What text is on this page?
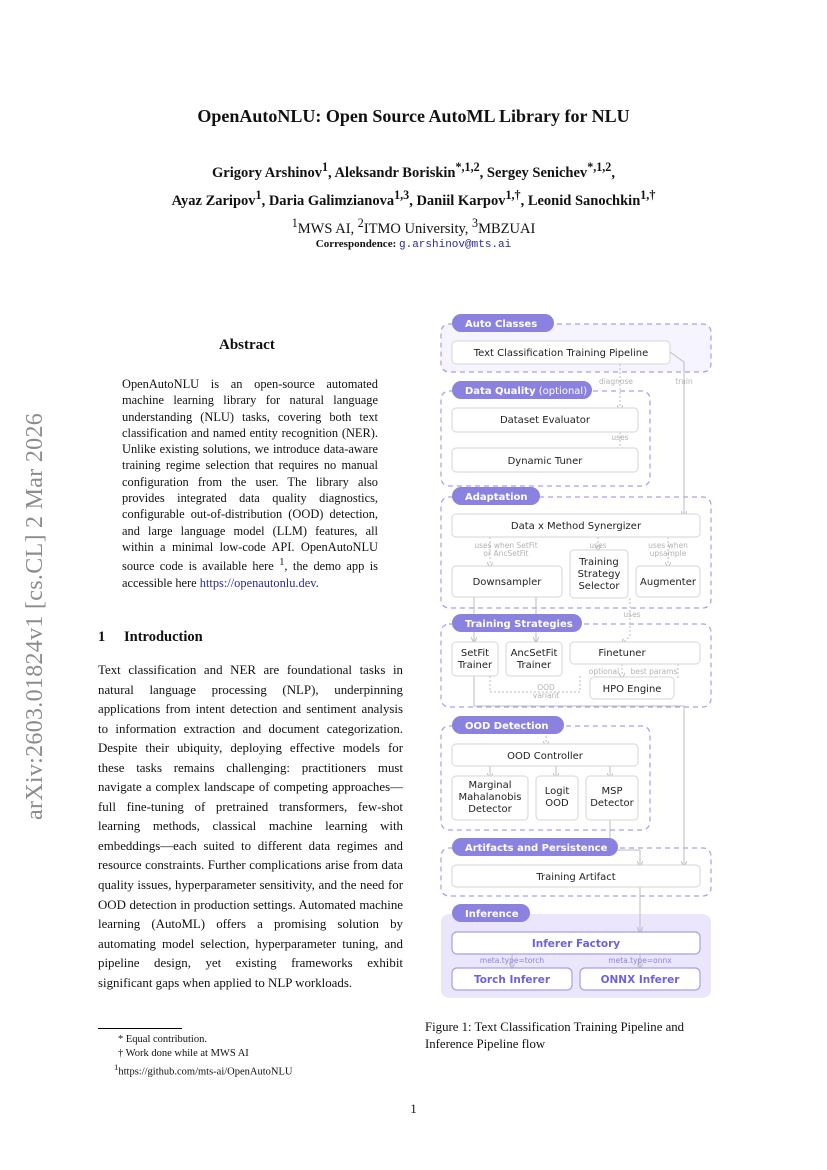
arXiv:2603.01824v1 [cs.CL] 2 Mar 2026
OpenAutoNLU: Open Source AutoML Library for NLU
Grigory Arshinov$^1$, Aleksandr Boriskin$^{*,1,2}$, Sergey Senichev$^{*,1,2}$,
Ayaz Zaripov$^1$, Daria Galimzianova$^{1,3}$, Daniil Karpov$^{1,\dagger}$, Leonid Sanochkin$^{1,\dagger}$
$^1$MWS AI, $^2$ITMO University, $^3$MBZUAI
Correspondence: g.arshinov@mts.ai
Abstract
OpenAutoNLU is an open-source automated machine learning library for natural language understanding (NLU) tasks, covering both text classification and named entity recognition (NER). Unlike existing solutions, we introduce data-aware training regime selection that requires no manual configuration from the user. The library also provides integrated data quality diagnostics, configurable out-of-distribution (OOD) detection, and large language model (LLM) features, all within a minimal low-code API. OpenAutoNLU source code is available here $^1$, the demo app is accessible here https://openautonlu.dev.
1 Introduction
Text classification and NER are foundational tasks in natural language processing (NLP), underpinning applications from intent detection and sentiment analysis to information extraction and document categorization. Despite their ubiquity, deploying effective models for these tasks remains challenging: practitioners must navigate a complex landscape of competing approaches—full fine-tuning of pretrained transformers, few-shot learning methods, classical machine learning with embeddings—each suited to different data regimes and resource constraints. Further complications arise from data quality issues, hyperparameter sensitivity, and the need for OOD detection in production settings. Automated machine learning (AutoML) offers a promising solution by automating model selection, hyperparameter tuning, and pipeline design, yet existing frameworks exhibit significant gaps when applied to NLP workloads.
* Equal contribution.
† Work done while at MWS AI
$^1$https://github.com/mts-ai/OpenAutoNLU
diagnose	train
uses
uses when SetFit
or AncSetFit
uses	uses when
upsample
uses
OOD
variant
optional best params
meta.type=torch	meta.type=onnx
Text Classification Training Pipeline
Dataset Evaluator
Dynamic Tuner
Data x Method Synergizer
Downsampler
Training
Strategy
Selector Augmenter
SetFit
Trainer
AncSetFit
Trainer
Finetuner
HPO Engine
OOD Controller
Marginal
Mahalanobis
Detector
Logit
OOD
MSP
Detector
Training Artifact
Inferer Factory
Torch Inferer	ONNX Inferer
Auto Classes
Data Quality (optional)
Adaptation
Training Strategies
OOD Detection
Artifacts and Persistence
Inference
Figure 1: Text Classification Training Pipeline and Inference Pipeline flow
1
